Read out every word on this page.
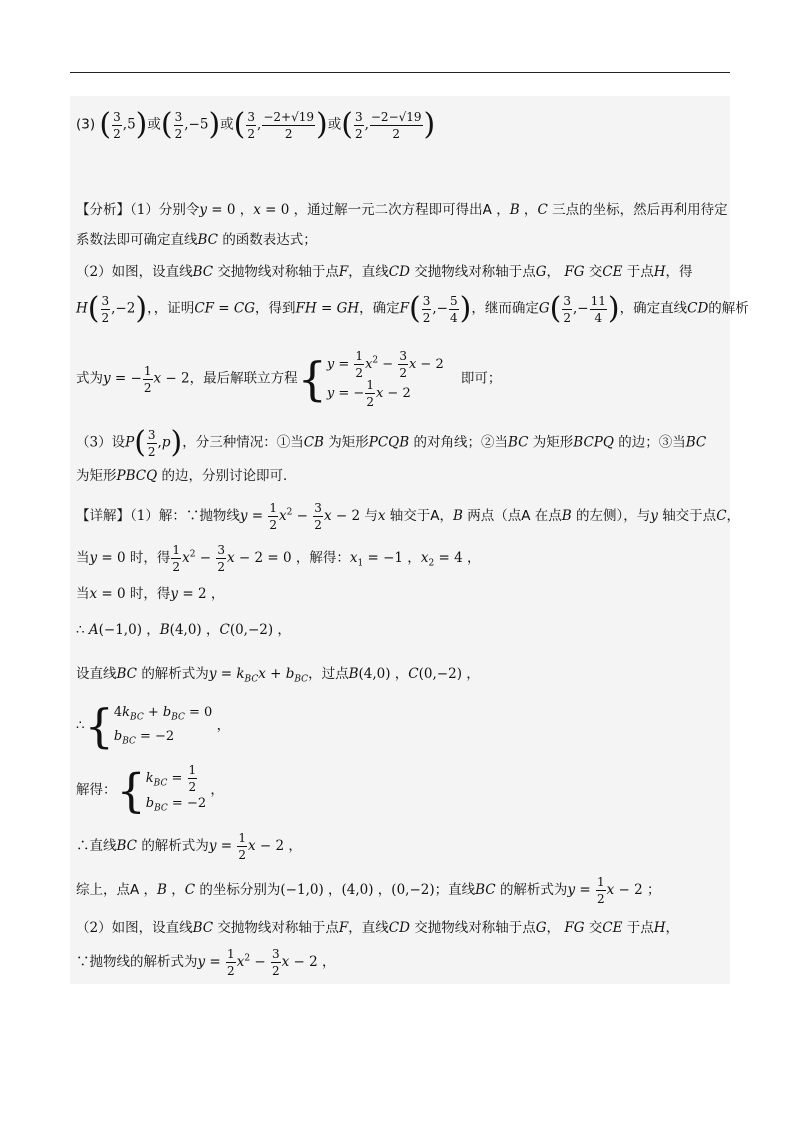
(3) ( $\frac{3}{2} ,5$)或( $\frac{3}{2} ,-5$)或( $\frac{3}{2}$ , $\frac{-2+√19}{2}$ )或( $\frac{3}{2}$ , $\frac{-2-√19}{2}$ )
【分析】（1）分别令y = 0 ，x = 0 ，通过解一元二次方程即可得出A ，B ，C 三点的坐标，然后再利用待定
系数法即可确定直线BC 的函数表达式；
（2）如图，设直线BC 交抛物线对称轴于点F，直线CD 交抛物线对称轴于点G， FG 交CE 于点H，得
$H( \frac{3}{2} ,-2)$，，证明CF = CG，得到FH = GH，确定$F( \frac{3}{2}$ ,− $\frac{5}{4}$ )，继而确定$G( \frac{3}{2}$ ,− $\frac{11}{4}$ )，确定直线CD的解析
式为y = − $\frac{1}{2}$ x − 2，最后解联立方程{ $y = \frac{1}{2} x^2 - \frac{3}{2}$ x − 2
y = − $\frac{1}{2}$ x − 2
即可；
（3）设$P( \frac{3}{2} ,p)$，分三种情况：①当CB 为矩形PCQB 的对角线；②当BC 为矩形BCPQ 的边；③当BC
为矩形PBCQ 的边，分别讨论即可．
【详解】（1）解：∵抛物线$y = \frac{1}{2} x^2 - \frac{3}{2}$ x − 2 与x 轴交于A，B 两点（点A 在点B 的左侧），与y 轴交于点C，
当y = 0 时，得 $\frac{1}{2} x^2 - \frac{3}{2}$ x − 2 = 0 ，解得：$x_1 = -1$ ，$x_2 = 4$ ，
当x = 0 时，得y = 2 ，
∴ A(−1,0) ，B(4,0) ，C(0,−2) ，
设直线BC 的解析式为$y = k_{BC}x + b_{BC}$，过点B(4,0) ，C(0,−2) ，
∴{ $4k_{BC} + b_{BC} = 0$
$b_{BC} = -2$
，
解得：{ $k_{BC} = \frac{1}{2}$
$b_{BC} = -2$
，
∴直线BC 的解析式为$y = \frac{1}{2}$ x − 2 ，
综上，点A ，B ，C 的坐标分别为(−1,0) ，(4,0) ，(0,−2)；直线BC 的解析式为$y = \frac{1}{2}$ x − 2 ；
（2）如图，设直线BC 交抛物线对称轴于点F，直线CD 交抛物线对称轴于点G， FG 交CE 于点H，
∵抛物线的解析式为$y = \frac{1}{2} x^2 - \frac{3}{2}$ x − 2 ，
